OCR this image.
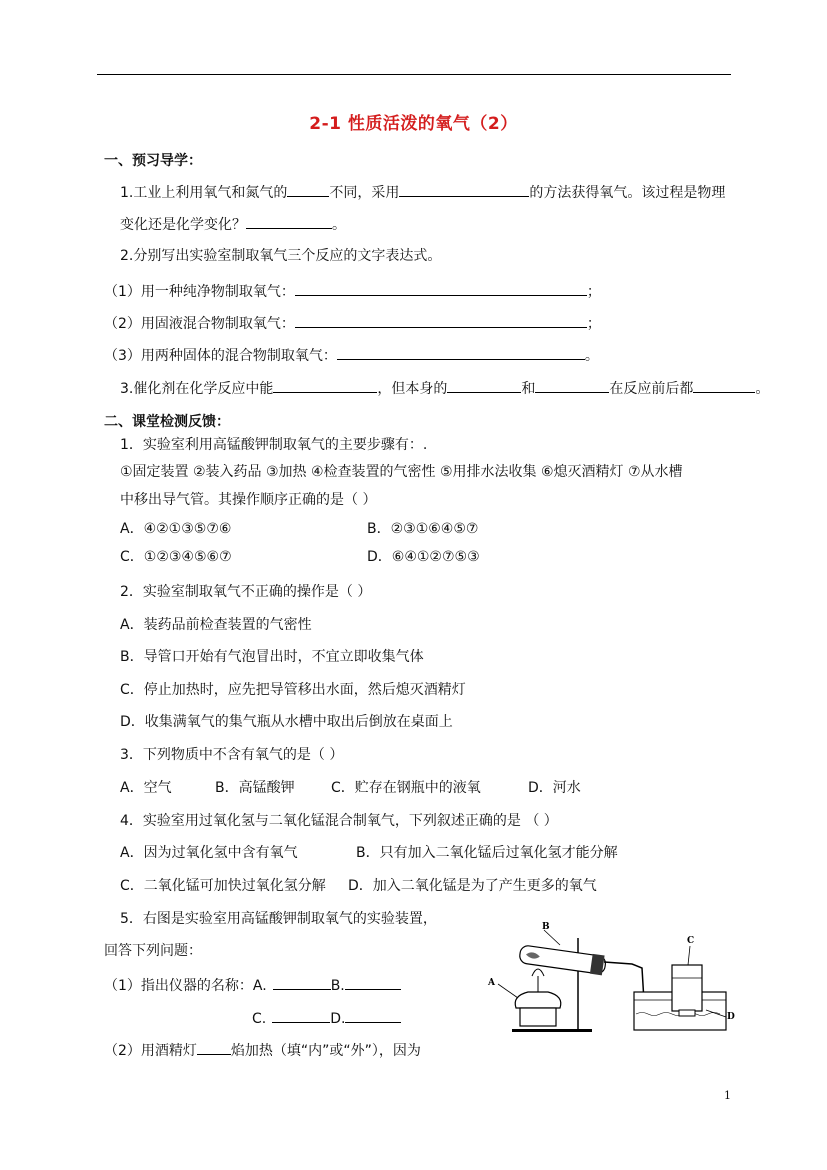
2-1 性质活泼的氧气（2）
一、预习导学：
1.工业上利用氧气和氮气的	不同，采用	的方法获得氧气。该过程是物理
变化还是化学变化？	。
2.分别写出实验室制取氧气三个反应的文字表达式。
（1）用一种纯净物制取氧气：	；
（2）用固液混合物制取氧气：	；
（3）用两种固体的混合物制取氧气：	。
3.催化剂在化学反应中能	，但本身的	和	在反应前后都	。
二、课堂检测反馈：
1．实验室利用高锰酸钾制取氧气的主要步骤有：.
①固定装置 ②装入药品 ③加热 ④检查装置的气密性 ⑤用排水法收集 ⑥熄灭酒精灯 ⑦从水槽
中移出导气管。其操作顺序正确的是（ ）
A．④②①③⑤⑦⑥	B．②③①⑥④⑤⑦
C．①②③④⑤⑥⑦	D．⑥④①②⑦⑤③
2．实验室制取氧气不正确的操作是（ ）
A．装药品前检查装置的气密性
B．导管口开始有气泡冒出时，不宜立即收集气体
C．停止加热时，应先把导管移出水面，然后熄灭酒精灯
D．收集满氧气的集气瓶从水槽中取出后倒放在桌面上
3．下列物质中不含有氧气的是（ ）
A．空气	B．高锰酸钾	C．贮存在钢瓶中的液氧	D．河水
4．实验室用过氧化氢与二氧化锰混合制氧气，下列叙述正确的是 （ ）
A．因为过氧化氢中含有氧气	B．只有加入二氧化锰后过氧化氢才能分解
C．二氧化锰可加快过氧化氢分解 D．加入二氧化锰是为了产生更多的氧气
5．右图是实验室用高锰酸钾制取氧气的实验装置，
回答下列问题：
（1）指出仪器的名称：A.	B.
C.	D.
（2）用酒精灯 焰加热（填“内”或“外”），因为
B
A
C
D
1
